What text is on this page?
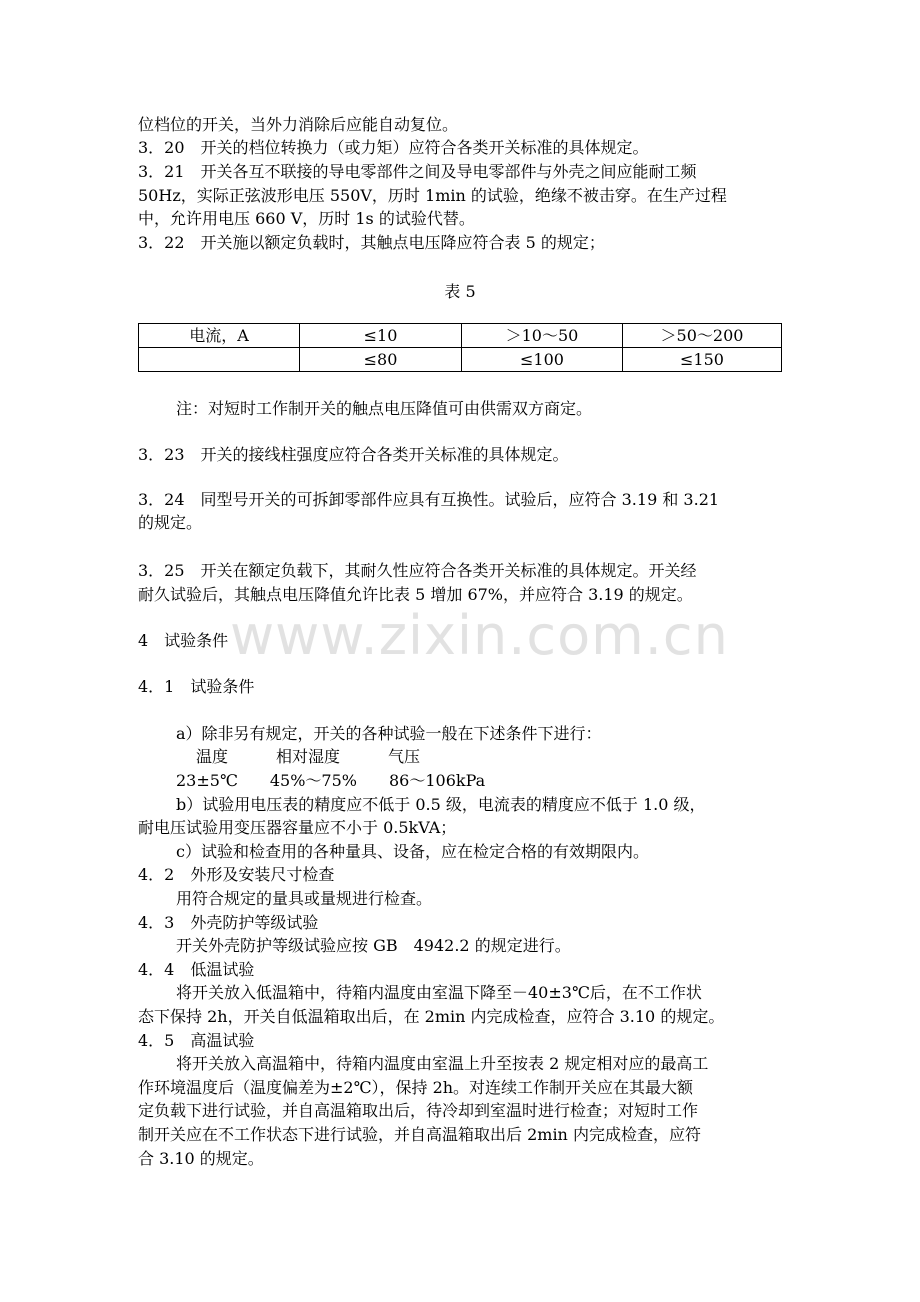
www.zixin.com.cn

位档位的开关，当外力消除后应能自动复位。

3．20　开关的档位转换力（或力矩）应符合各类开关标准的具体规定。

3．21　开关各互不联接的导电零部件之间及导电零部件与外壳之间应能耐工频

50Hz，实际正弦波形电压 550V，历时 1min 的试验，绝缘不被击穿。在生产过程

中，允许用电压 660 V，历时 1s 的试验代替。

3．22　开关施以额定负载时，其触点电压降应符合表 5 的规定；

表 5

电流，A	≤10	＞10～50	＞50～200
	≤80	≤100	≤150

注：对短时工作制开关的触点电压降值可由供需双方商定。

3．23　开关的接线柱强度应符合各类开关标准的具体规定。

3．24　同型号开关的可拆卸零部件应具有互换性。试验后，应符合 3.19 和 3.21

的规定。

3．25　开关在额定负载下，其耐久性应符合各类开关标准的具体规定。开关经

耐久试验后，其触点电压降值允许比表 5 增加 67%，并应符合 3.19 的规定。

4　试验条件

4．1　试验条件

a）除非另有规定，开关的各种试验一般在下述条件下进行：

温度　　　相对湿度　　　气压

23±5℃　　45%～75%　　86～106kPa

b）试验用电压表的精度应不低于 0.5 级，电流表的精度应不低于 1.0 级，

耐电压试验用变压器容量应不小于 0.5kVA；

c）试验和检查用的各种量具、设备，应在检定合格的有效期限内。

4．2　外形及安装尺寸检查

用符合规定的量具或量规进行检查。

4．3　外壳防护等级试验

开关外壳防护等级试验应按 GB　4942.2 的规定进行。

4．4　低温试验

将开关放入低温箱中，待箱内温度由室温下降至－40±3℃后，在不工作状

态下保持 2h，开关自低温箱取出后，在 2min 内完成检查，应符合 3.10 的规定。

4．5　高温试验

将开关放入高温箱中，待箱内温度由室温上升至按表 2 规定相对应的最高工

作环境温度后（温度偏差为±2℃），保持 2h。对连续工作制开关应在其最大额

定负载下进行试验，并自高温箱取出后，待冷却到室温时进行检查；对短时工作

制开关应在不工作状态下进行试验，并自高温箱取出后 2min 内完成检查，应符

合 3.10 的规定。
